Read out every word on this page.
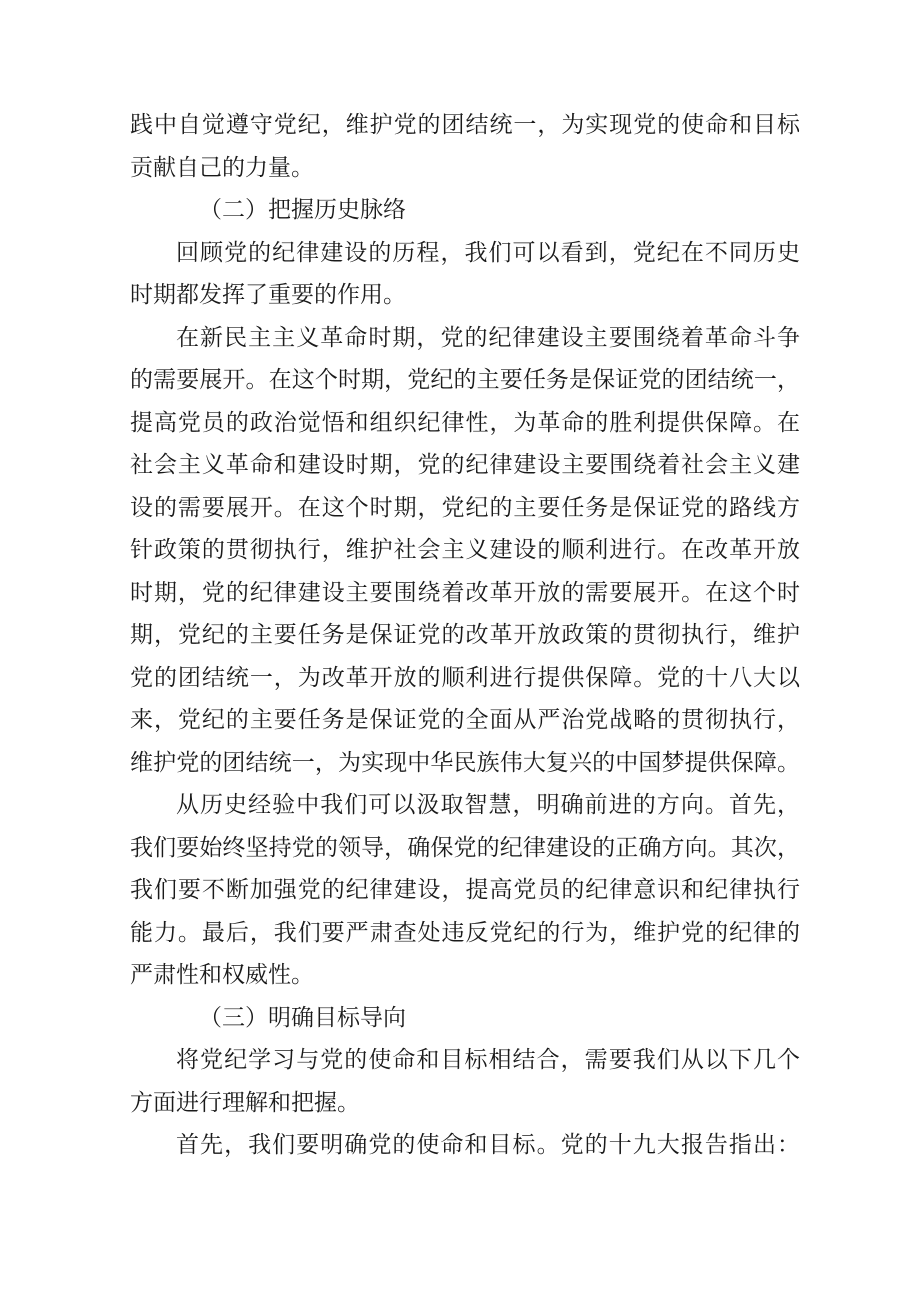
践中自觉遵守党纪，维护党的团结统一，为实现党的使命和目标
贡献自己的力量。
（二）把握历史脉络
回顾党的纪律建设的历程，我们可以看到，党纪在不同历史
时期都发挥了重要的作用。
在新民主主义革命时期，党的纪律建设主要围绕着革命斗争
的需要展开。在这个时期，党纪的主要任务是保证党的团结统一，
提高党员的政治觉悟和组织纪律性，为革命的胜利提供保障。在
社会主义革命和建设时期，党的纪律建设主要围绕着社会主义建
设的需要展开。在这个时期，党纪的主要任务是保证党的路线方
针政策的贯彻执行，维护社会主义建设的顺利进行。在改革开放
时期，党的纪律建设主要围绕着改革开放的需要展开。在这个时
期，党纪的主要任务是保证党的改革开放政策的贯彻执行，维护
党的团结统一，为改革开放的顺利进行提供保障。党的十八大以
来，党纪的主要任务是保证党的全面从严治党战略的贯彻执行，
维护党的团结统一，为实现中华民族伟大复兴的中国梦提供保障。
从历史经验中我们可以汲取智慧，明确前进的方向。首先，
我们要始终坚持党的领导，确保党的纪律建设的正确方向。其次，
我们要不断加强党的纪律建设，提高党员的纪律意识和纪律执行
能力。最后，我们要严肃查处违反党纪的行为，维护党的纪律的
严肃性和权威性。
（三）明确目标导向
将党纪学习与党的使命和目标相结合，需要我们从以下几个
方面进行理解和把握。
首先，我们要明确党的使命和目标。党的十九大报告指出：
